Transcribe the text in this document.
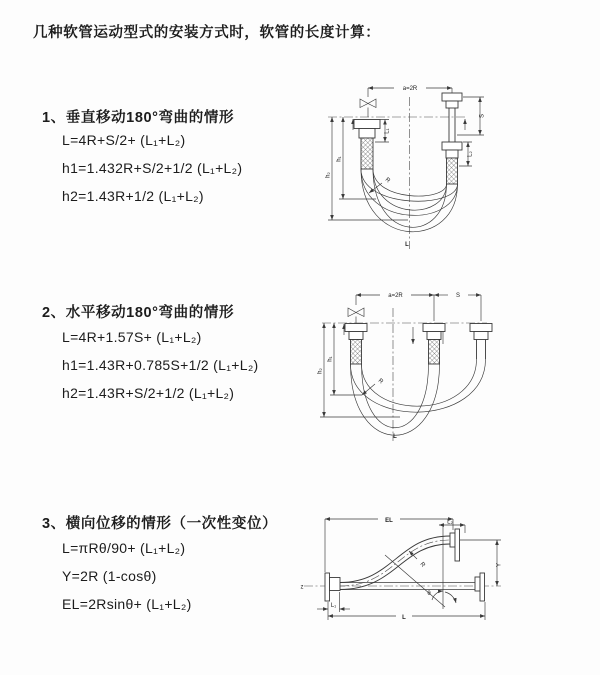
几种软管运动型式的安装方式时，软管的长度计算：
1、垂直移动180°弯曲的情形
L=4R+S/2+ (L₁+L₂)
h1=1.432R+S/2+1/2 (L₁+L₂)
h2=1.43R+1/2 (L₁+L₂)
2、水平移动180°弯曲的情形
L=4R+1.57S+ (L₁+L₂)
h1=1.43R+0.785S+1/2 (L₁+L₂)
h2=1.43R+S/2+1/2 (L₁+L₂)
3、横向位移的情形（一次性变位）
L=πRθ/90+ (L₁+L₂)
Y=2R (1-cosθ)
EL=2Rsinθ+ (L₁+L₂)
a=2R
L₁
S
L₂
h₁
h₂
R
L
a=2R	S
h₁
h₂
R
L
z
EL	L₂
R
θ
Y
L
L₁
